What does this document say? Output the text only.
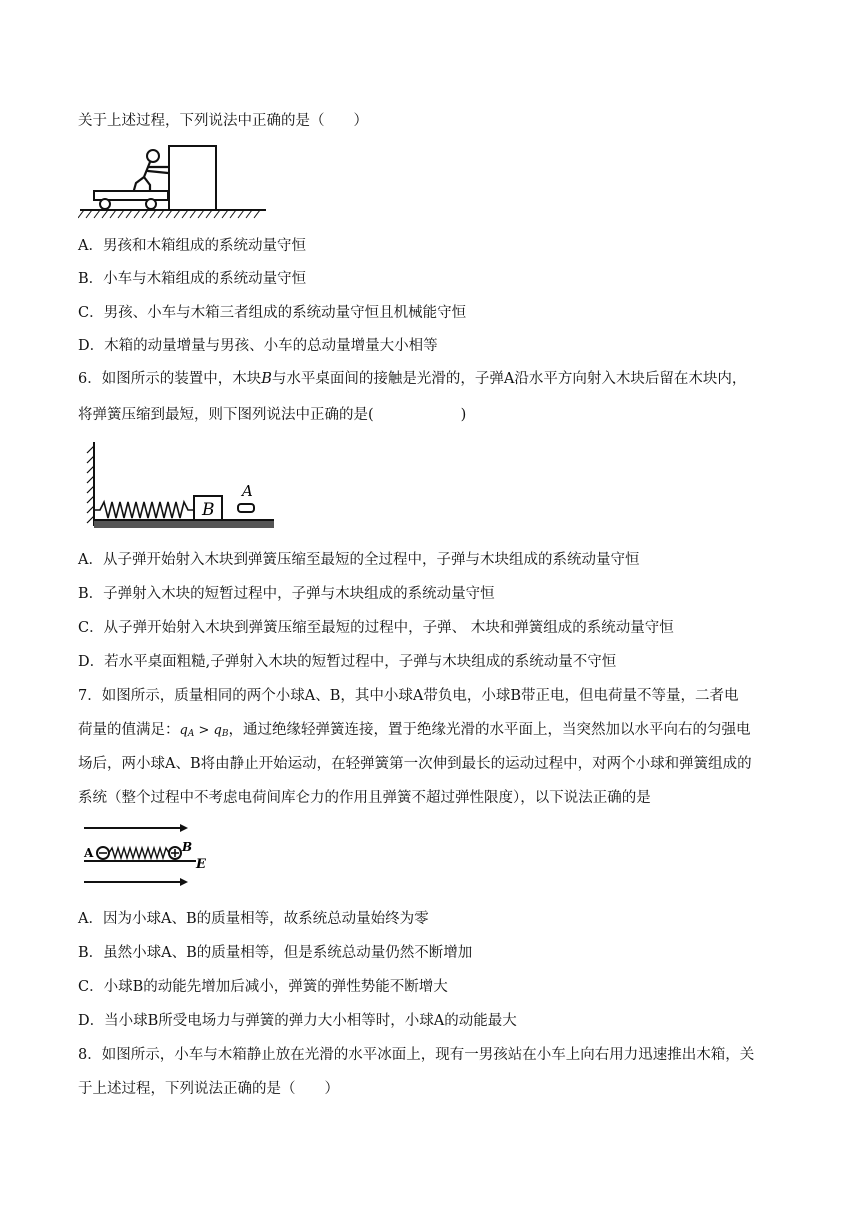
关于上述过程，下列说法中正确的是（　　）
A．男孩和木箱组成的系统动量守恒
B．小车与木箱组成的系统动量守恒
C．男孩、小车与木箱三者组成的系统动量守恒且机械能守恒
D．木箱的动量增量与男孩、小车的总动量增量大小相等
6．如图所示的装置中，木块B与水平桌面间的接触是光滑的，子弹A沿水平方向射入木块后留在木块内，
将弹簧压缩到最短，则下图列说法中正确的是(　　　　　　)
B
A
A．从子弹开始射入木块到弹簧压缩至最短的全过程中，子弹与木块组成的系统动量守恒
B．子弹射入木块的短暂过程中，子弹与木块组成的系统动量守恒
C．从子弹开始射入木块到弹簧压缩至最短的过程中，子弹、 木块和弹簧组成的系统动量守恒
D．若水平桌面粗糙,子弹射入木块的短暂过程中，子弹与木块组成的系统动量不守恒
7．如图所示，质量相同的两个小球A、B，其中小球A带负电，小球B带正电，但电荷量不等量，二者电
荷量的值满足：$q_A > q_B$，通过绝缘轻弹簧连接，置于绝缘光滑的水平面上，当突然加以水平向右的匀强电
场后，两小球A、B将由静止开始运动，在轻弹簧第一次伸到最长的运动过程中，对两个小球和弹簧组成的
系统（整个过程中不考虑电荷间库仑力的作用且弹簧不超过弹性限度），以下说法正确的是
A	B
E
A．因为小球A、B的质量相等，故系统总动量始终为零
B．虽然小球A、B的质量相等，但是系统总动量仍然不断增加
C．小球B的动能先增加后减小，弹簧的弹性势能不断增大
D．当小球B所受电场力与弹簧的弹力大小相等时，小球A的动能最大
8．如图所示，小车与木箱静止放在光滑的水平冰面上，现有一男孩站在小车上向右用力迅速推出木箱，关
于上述过程，下列说法正确的是（　　）
